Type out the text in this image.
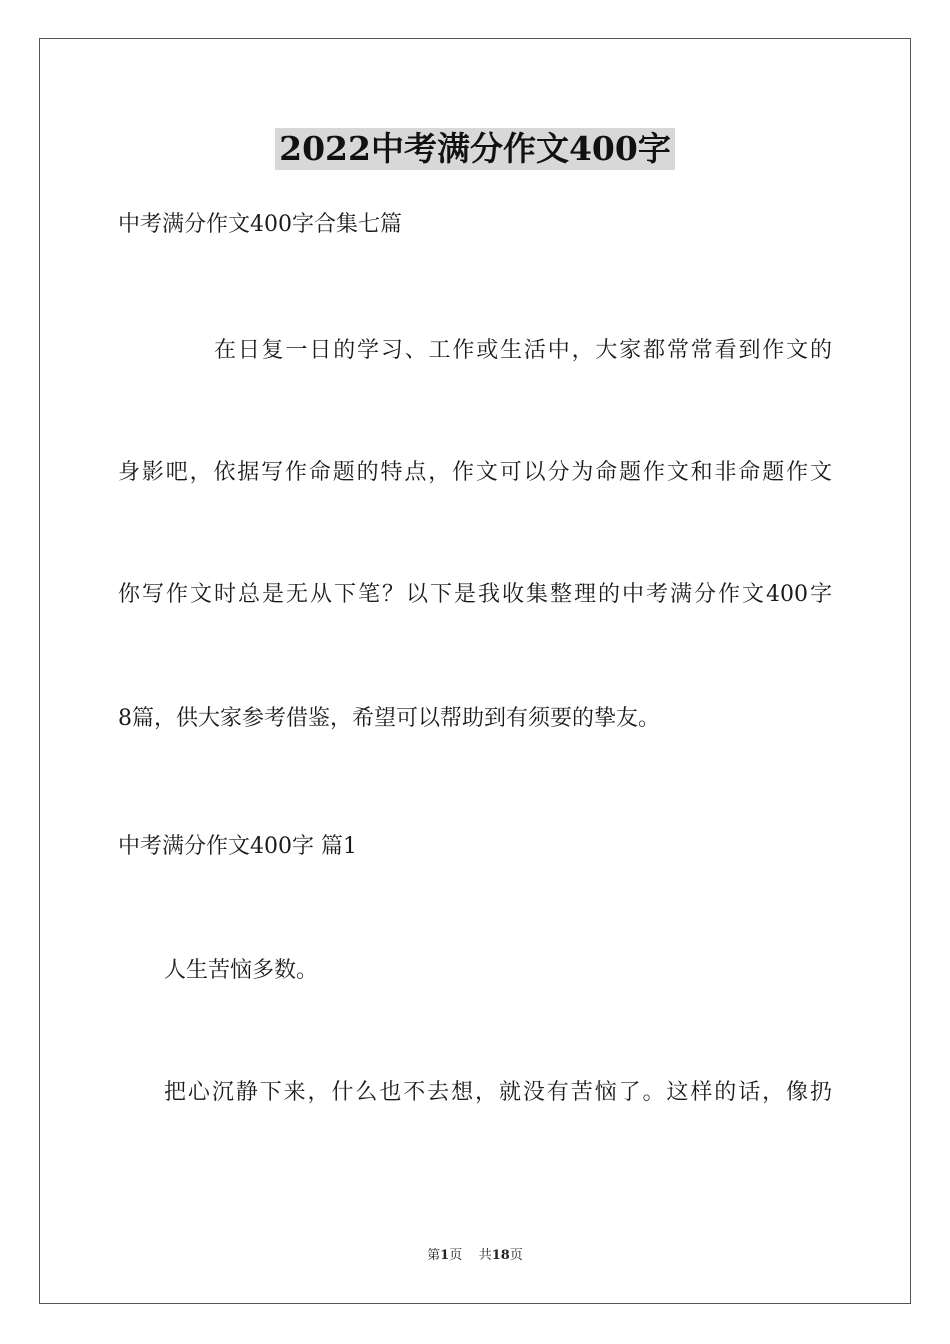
2022中考满分作文400字
中考满分作文400字合集七篇
在日复一日的学习、工作或生活中，大家都常常看到作文的
身影吧，依据写作命题的特点，作文可以分为命题作文和非命题作文
你写作文时总是无从下笔？以下是我收集整理的中考满分作文400字
8篇，供大家参考借鉴，希望可以帮助到有须要的挚友。
中考满分作文400字 篇1
人生苦恼多数。
把心沉静下来，什么也不去想，就没有苦恼了。这样的话，像扔
第1页 共18页
